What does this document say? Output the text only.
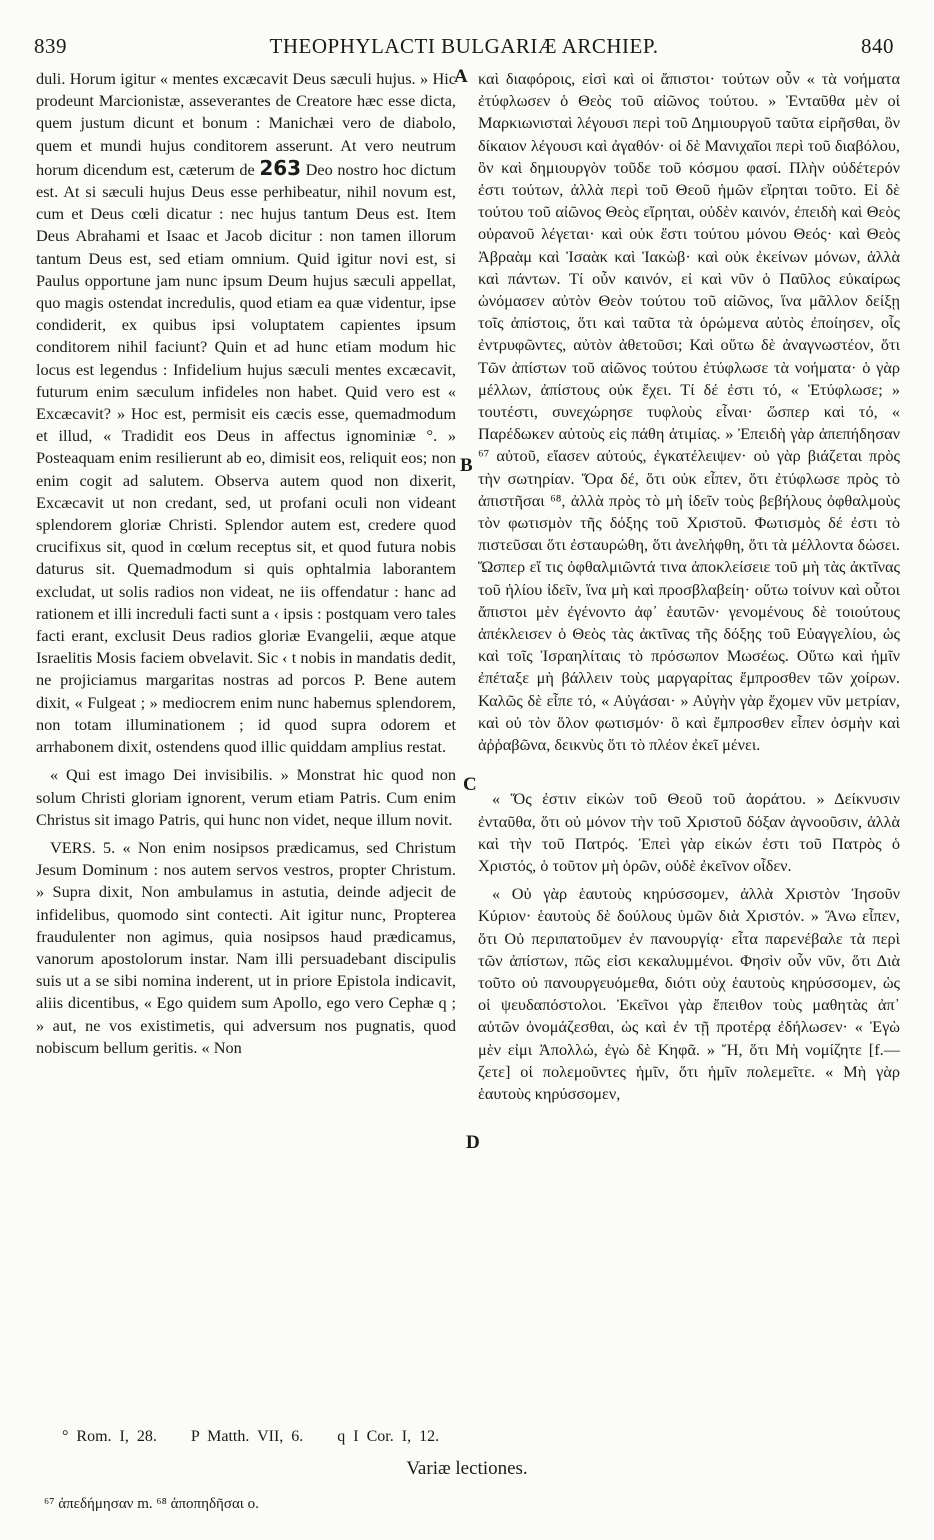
839	THEOPHYLACTI BULGARIÆ ARCHIEP.	840

duli. Horum igitur « mentes excæcavit Deus sæculi hujus. » Hic prodeunt Marcionistæ, asseverantes de Creatore hæc esse dicta, quem justum dicunt et bonum : Manichæi vero de diabolo, quem et mundi hujus conditorem asserunt. At vero neutrum horum dicendum est, cæterum de 263 Deo nostro hoc dictum est. At si sæculi hujus Deus esse perhibeatur, nihil novum est, cum et Deus cœli dicatur : nec hujus tantum Deus est. Item Deus Abrahami et Isaac et Jacob dicitur : non tamen illorum tantum Deus est, sed etiam omnium. Quid igitur novi est, si Paulus opportune jam nunc ipsum Deum hujus sæculi appellat, quo magis ostendat incredulis, quod etiam ea quæ videntur, ipse condiderit, ex quibus ipsi voluptatem capientes ipsum conditorem nihil faciunt? Quin et ad hunc etiam modum hic locus est legendus : Infidelium hujus sæculi mentes excæcavit, futurum enim sæculum infideles non habet. Quid vero est « Excæcavit? » Hoc est, permisit eis cæcis esse, quemadmodum et illud, « Tradidit eos Deus in affectus ignominiæ °. » Posteaquam enim resilierunt ab eo, dimisit eos, reliquit eos; non enim cogit ad salutem. Observa autem quod non dixerit, Excæcavit ut non credant, sed, ut profani oculi non videant splendorem gloriæ Christi. Splendor autem est, credere quod crucifixus sit, quod in cœlum receptus sit, et quod futura nobis daturus sit. Quemadmodum si quis ophtalmia laborantem excludat, ut solis radios non videat, ne iis offendatur : hanc ad rationem et illi increduli facti sunt a ‹ ipsis : postquam vero tales facti erant, exclusit Deus radios gloriæ Evangelii, æque atque Israelitis Mosis faciem obvelavit. Sic ‹ t nobis in mandatis dedit, ne projiciamus margaritas nostras ad porcos P. Bene autem dixit, « Fulgeat ; » mediocrem enim nunc habemus splendorem, non totam illuminationem ; id quod supra odorem et arrhabonem dixit, ostendens quod illic quiddam amplius restat.

« Qui est imago Dei invisibilis. » Monstrat hic quod non solum Christi gloriam ignorent, verum etiam Patris. Cum enim Christus sit imago Patris, qui hunc non videt, neque illum novit.

VERS. 5. « Non enim nosipsos prædicamus, sed Christum Jesum Dominum : nos autem servos vestros, propter Christum. » Supra dixit, Non ambulamus in astutia, deinde adjecit de infidelibus, quomodo sint contecti. Ait igitur nunc, Propterea fraudulenter non agimus, quia nosipsos haud prædicamus, vanorum apostolorum instar. Nam illi persuadebant discipulis suis ut a se sibi nomina inderent, ut in priore Epistola indicavit, aliis dicentibus, « Ego quidem sum Apollo, ego vero Cephæ q ; » aut, ne vos existimetis, qui adversum nos pugnatis, quod nobiscum bellum geritis. « Non

καὶ διαφόροις, εἰσὶ καὶ οἱ ἄπιστοι· τούτων οὖν « τὰ νοήματα ἐτύφλωσεν ὁ Θεὸς τοῦ αἰῶνος τούτου. » Ἐνταῦθα μὲν οἱ Μαρκιωνισταὶ λέγουσι περὶ τοῦ Δημιουργοῦ ταῦτα εἰρῆσθαι, ὃν δίκαιον λέγουσι καὶ ἀγαθόν· οἱ δὲ Μανιχαῖοι περὶ τοῦ διαβόλου, ὃν καὶ δημιουργὸν τοῦδε τοῦ κόσμου φασί. Πλὴν οὐδέτερόν ἐστι τούτων, ἀλλὰ περὶ τοῦ Θεοῦ ἡμῶν εἴρηται τοῦτο. Εἰ δὲ τούτου τοῦ αἰῶνος Θεὸς εἴρηται, οὐδὲν καινόν, ἐπειδὴ καὶ Θεὸς οὐρανοῦ λέγεται· καὶ οὐκ ἔστι τούτου μόνου Θεός· καὶ Θεὸς Ἀβραὰμ καὶ Ἰσαὰκ καὶ Ἰακὼβ· καὶ οὐκ ἐκείνων μόνων, ἀλλὰ καὶ πάντων. Τί οὖν καινόν, εἰ καὶ νῦν ὁ Παῦλος εὐκαίρως ὠνόμασεν αὐτὸν Θεὸν τούτου τοῦ αἰῶνος, ἵνα μᾶλλον δείξῃ τοῖς ἀπίστοις, ὅτι καὶ ταῦτα τὰ ὁρώμενα αὐτὸς ἐποίησεν, οἷς ἐντρυφῶντες, αὐτὸν ἀθετοῦσι; Καὶ οὕτω δὲ ἀναγνωστέον, ὅτι Τῶν ἀπίστων τοῦ αἰῶνος τούτου ἐτύφλωσε τὰ νοήματα· ὁ γὰρ μέλλων, ἀπίστους οὐκ ἔχει. Τί δέ ἐστι τό, « Ἐτύφλωσε; » τουτέστι, συνεχώρησε τυφλοὺς εἶναι· ὥσπερ καὶ τό, « Παρέδωκεν αὐτοὺς εἰς πάθη ἀτιμίας. » Ἐπειδὴ γὰρ ἀπεπήδησαν ⁶⁷ αὐτοῦ, εἴασεν αὐτούς, ἐγκατέλειψεν· οὐ γὰρ βιάζεται πρὸς τὴν σωτηρίαν. Ὅρα δέ, ὅτι οὐκ εἶπεν, ὅτι ἐτύφλωσε πρὸς τὸ ἀπιστῆσαι ⁶⁸, ἀλλὰ πρὸς τὸ μὴ ἰδεῖν τοὺς βεβήλους ὀφθαλμοὺς τὸν φωτισμὸν τῆς δόξης τοῦ Χριστοῦ. Φωτισμὸς δέ ἐστι τὸ πιστεῦσαι ὅτι ἐσταυρώθη, ὅτι ἀνελήφθη, ὅτι τὰ μέλλοντα δώσει. Ὥσπερ εἴ τις ὀφθαλμιῶντά τινα ἀποκλείσειε τοῦ μὴ τὰς ἀκτῖνας τοῦ ἡλίου ἰδεῖν, ἵνα μὴ καὶ προσβλαβείη· οὕτω τοίνυν καὶ οὗτοι ἄπιστοι μὲν ἐγένοντο ἀφ᾽ ἑαυτῶν· γενομένους δὲ τοιούτους ἀπέκλεισεν ὁ Θεὸς τὰς ἀκτῖνας τῆς δόξης τοῦ Εὐαγγελίου, ὡς καὶ τοῖς Ἰσραηλίταις τὸ πρόσωπον Μωσέως. Οὕτω καὶ ἡμῖν ἐπέταξε μὴ βάλλειν τοὺς μαργαρίτας ἔμπροσθεν τῶν χοίρων. Καλῶς δὲ εἶπε τό, « Αὐγάσαι· » Αὐγὴν γὰρ ἔχομεν νῦν μετρίαν, καὶ οὐ τὸν ὅλον φωτισμόν· ὃ καὶ ἔμπροσθεν εἶπεν ὀσμὴν καὶ ἀῤῥαβῶνα, δεικνὺς ὅτι τὸ πλέον ἐκεῖ μένει.

« Ὅς ἐστιν εἰκὼν τοῦ Θεοῦ τοῦ ἀοράτου. » Δείκνυσιν ἐνταῦθα, ὅτι οὐ μόνον τὴν τοῦ Χριστοῦ δόξαν ἀγνοοῦσιν, ἀλλὰ καὶ τὴν τοῦ Πατρός. Ἐπεὶ γὰρ εἰκών ἐστι τοῦ Πατρὸς ὁ Χριστός, ὁ τοῦτον μὴ ὁρῶν, οὐδὲ ἐκεῖνον οἶδεν.

« Οὐ γὰρ ἑαυτοὺς κηρύσσομεν, ἀλλὰ Χριστὸν Ἰησοῦν Κύριον· ἑαυτοὺς δὲ δούλους ὑμῶν διὰ Χριστόν. » Ἄνω εἶπεν, ὅτι Οὐ περιπατοῦμεν ἐν πανουργίᾳ· εἶτα παρενέβαλε τὰ περὶ τῶν ἀπίστων, πῶς εἰσι κεκαλυμμένοι. Φησὶν οὖν νῦν, ὅτι Διὰ τοῦτο οὐ πανουργευόμεθα, διότι οὐχ ἑαυτοὺς κηρύσσομεν, ὡς οἱ ψευδαπόστολοι. Ἐκεῖνοι γὰρ ἔπειθον τοὺς μαθητὰς ἀπ᾽ αὐτῶν ὀνομάζεσθαι, ὡς καὶ ἐν τῇ προτέρᾳ ἐδήλωσεν· « Ἐγὼ μὲν εἰμι Ἀπολλώ, ἐγὼ δὲ Κηφᾶ. » Ἤ, ὅτι Μὴ νομίζητε [f.— ζετε] οἱ πολεμοῦντες ἡμῖν, ὅτι ἡμῖν πολεμεῖτε. « Μὴ γὰρ ἑαυτοὺς κηρύσσομεν,

A
B
C
D
° Rom. I, 28. P Matth. VII, 6. q I Cor. I, 12.
Variæ lectiones.
⁶⁷ ἀπεδήμησαν m. ⁶⁸ ἀποπηδῆσαι o.
